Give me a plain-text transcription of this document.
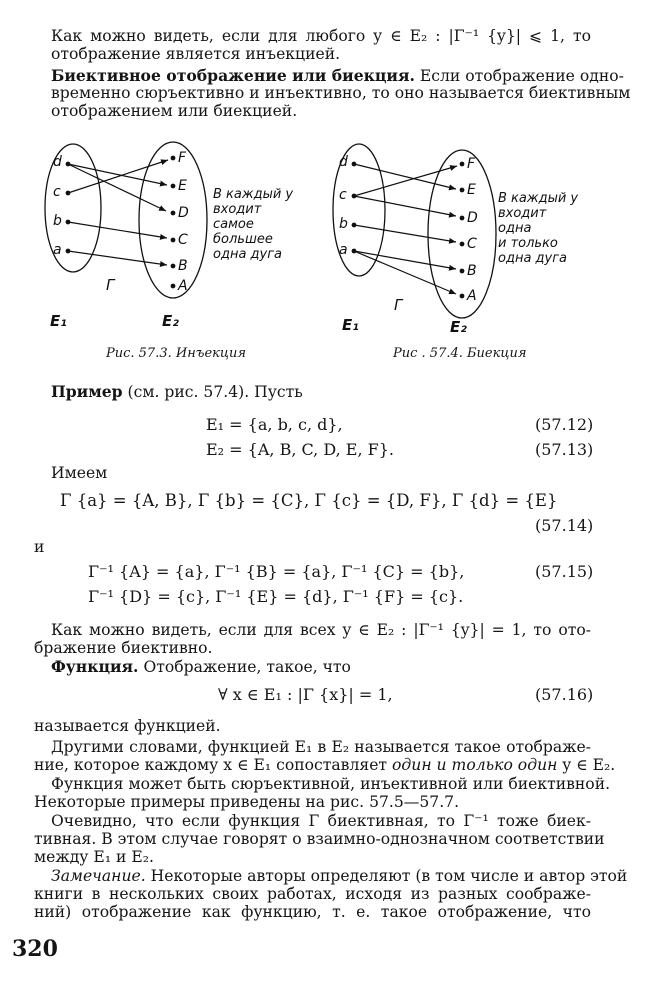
Как можно видеть, если для любого y ∈ E₂ : |Γ⁻¹ {y}| ⩽ 1, то
отображение является инъекцией.
Биективное отображение или биекция. Если отображение одно-
временно сюръективно и инъективно, то оно называется биективным
отображением или биекцией.
d
c
b
a
F
E
D
C
B
A
Γ
E₁	E₂
В каждый у
входит
самое
большее
одна дуга
Рис. 57.3. Инъекция
d
c
b
a
F
E
D
C
B
A
Γ
E₁	E₂
В каждый у
входит
одна
и только
одна дуга
Рис . 57.4. Биекция
Пример (см. рис. 57.4). Пусть
E₁ = {a, b, c, d},	(57.12)
E₂ = {A, B, C, D, E, F}.	(57.13)
Имеем
Γ {a} = {A, B}, Γ {b} = {C}, Γ {c} = {D, F}, Γ {d} = {E}
(57.14)
и
Γ⁻¹ {A} = {a}, Γ⁻¹ {B} = {a}, Γ⁻¹ {C} = {b},	(57.15)
Γ⁻¹ {D} = {c}, Γ⁻¹ {E} = {d}, Γ⁻¹ {F} = {c}.
Как можно видеть, если для всех y ∈ E₂ : |Γ⁻¹ {y}| = 1, то ото-
бражение биективно.
Функция. Отображение, такое, что
∀ x ∈ E₁ : |Γ {x}| = 1,	(57.16)
называется функцией.
Другими словами, функцией E₁ в E₂ называется такое отображе-
ние, которое каждому x ∈ E₁ сопоставляет один и только один y ∈ E₂.
Функция может быть сюръективной, инъективной или биективной.
Некоторые примеры приведены на рис. 57.5—57.7.
Очевидно, что если функция Γ биективная, то Γ⁻¹ тоже биек-
тивная. В этом случае говорят о взаимно-однозначном соответствии
между E₁ и E₂.
Замечание. Некоторые авторы определяют (в том числе и автор этой
книги в нескольких своих работах, исходя из разных соображе-
ний) отображение как функцию, т. е. такое отображение, что
320
